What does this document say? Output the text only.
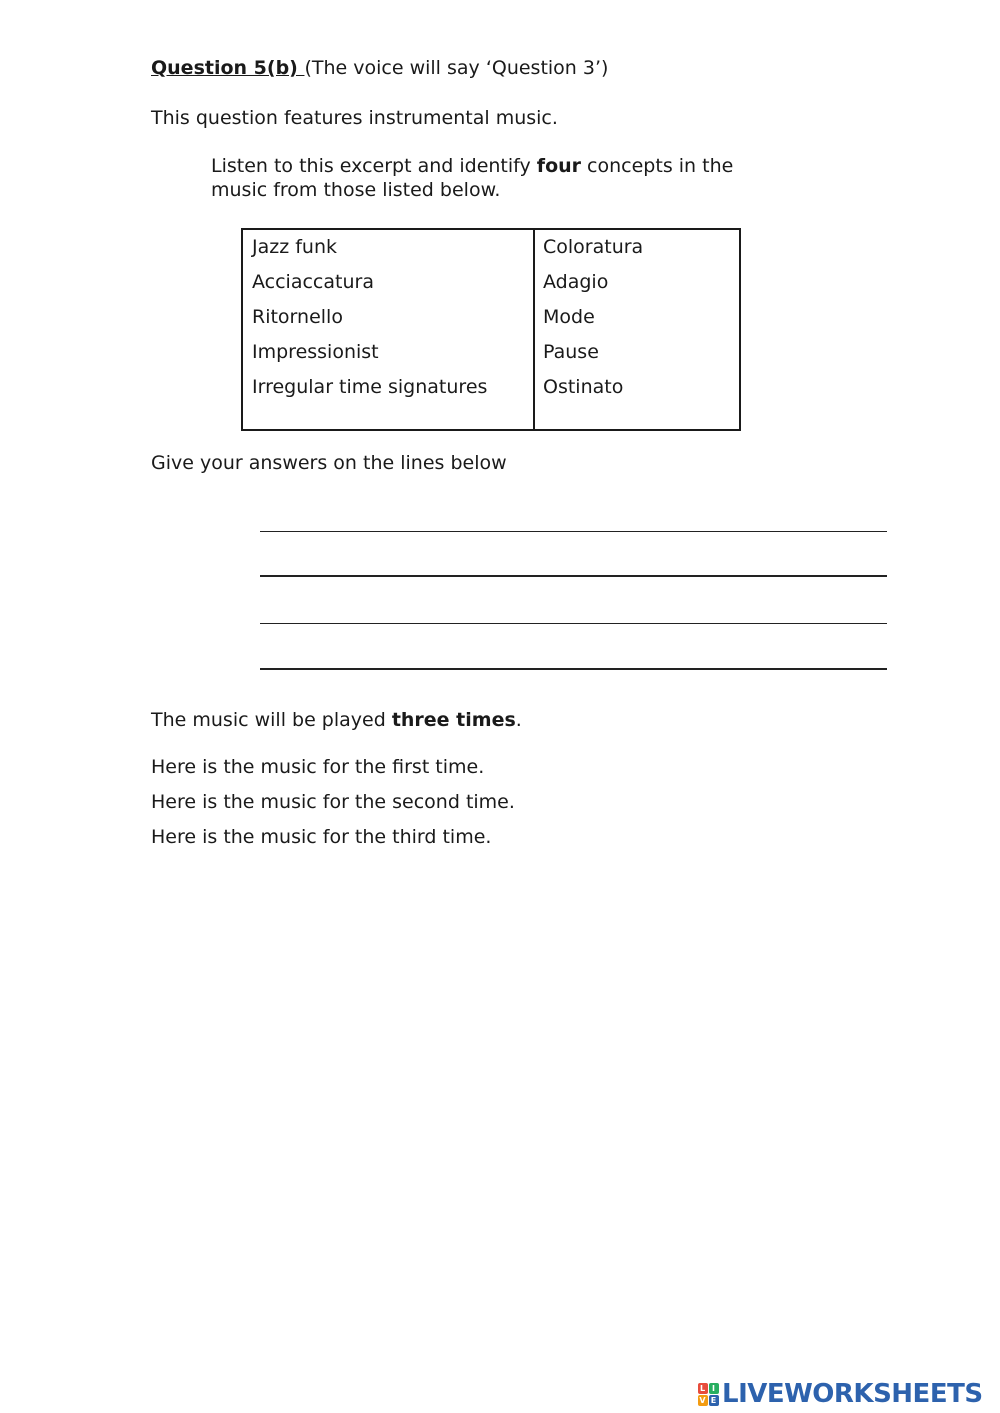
Question 5(b) (The voice will say ‘Question 3’)
This question features instrumental music.
Listen to this excerpt and identify four concepts in the music from those listed below.
Jazz funk
Acciaccatura
Ritornello
Impressionist
Irregular time signatures
Coloratura
Adagio
Mode
Pause
Ostinato
Give your answers on the lines below
The music will be played three times.
Here is the music for the first time.
Here is the music for the second time.
Here is the music for the third time.
L I
V E LIVEWORKSHEETS
